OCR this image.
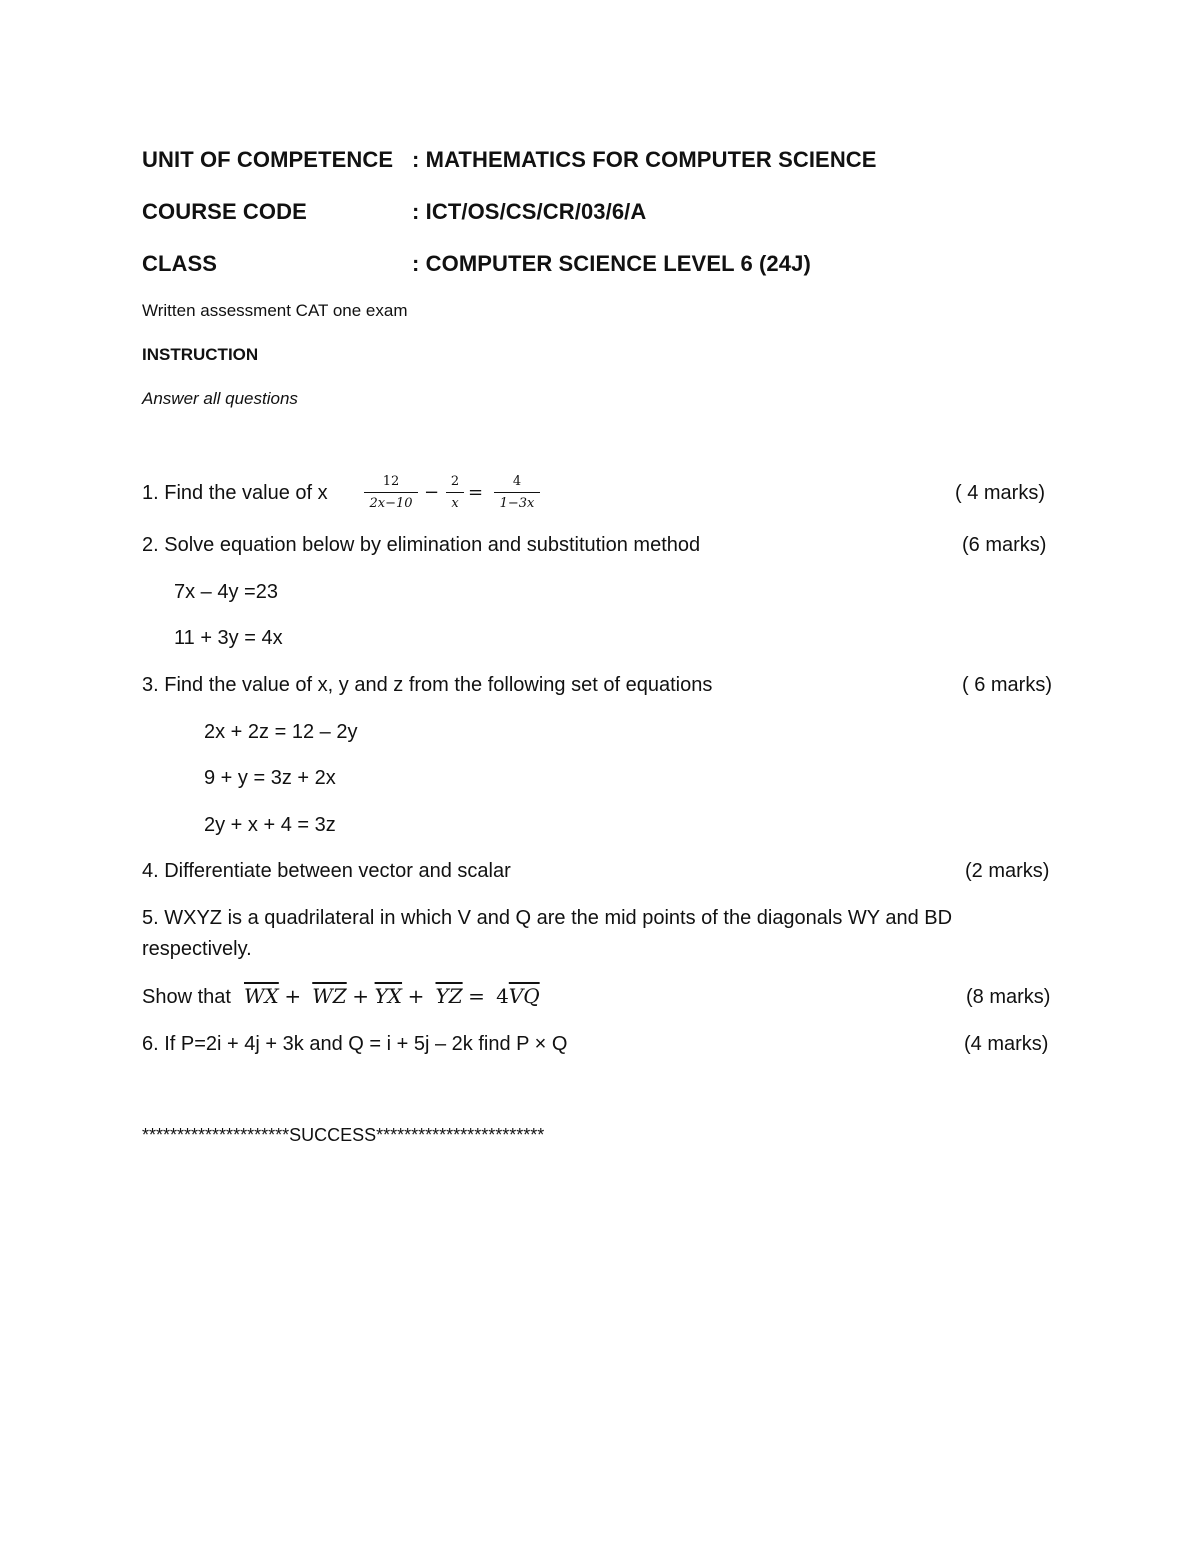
UNIT OF COMPETENCE : MATHEMATICS FOR COMPUTER SCIENCE
COURSE CODE	: ICT/OS/CS/CR/03/6/A
CLASS	: COMPUTER SCIENCE LEVEL 6 (24J)
Written assessment CAT one exam
INSTRUCTION
Answer all questions
1. Find the value of x
12
2x−10
−
2
x
=
4
1−3x	( 4 marks)
2. Solve equation below by elimination and substitution method	(6 marks)
7x – 4y =23
11 + 3y = 4x
3. Find the value of x, y and z from the following set of equations	( 6 marks)
2x + 2z = 12 – 2y
9 + y = 3z + 2x
2y + x + 4 = 3z
4. Differentiate between vector and scalar	(2 marks)
5. WXYZ is a quadrilateral in which V and Q are the mid points of the diagonals WY and BD
respectively.
Show that $\overline{WX} + \overline{WZ} + \overline{YX} + \overline{YZ} = 4\overline{VQ}$	(8 marks)
6. If P=2i + 4j + 3k and Q = i + 5j – 2k find P × Q	(4 marks)
*********************SUCCESS************************
